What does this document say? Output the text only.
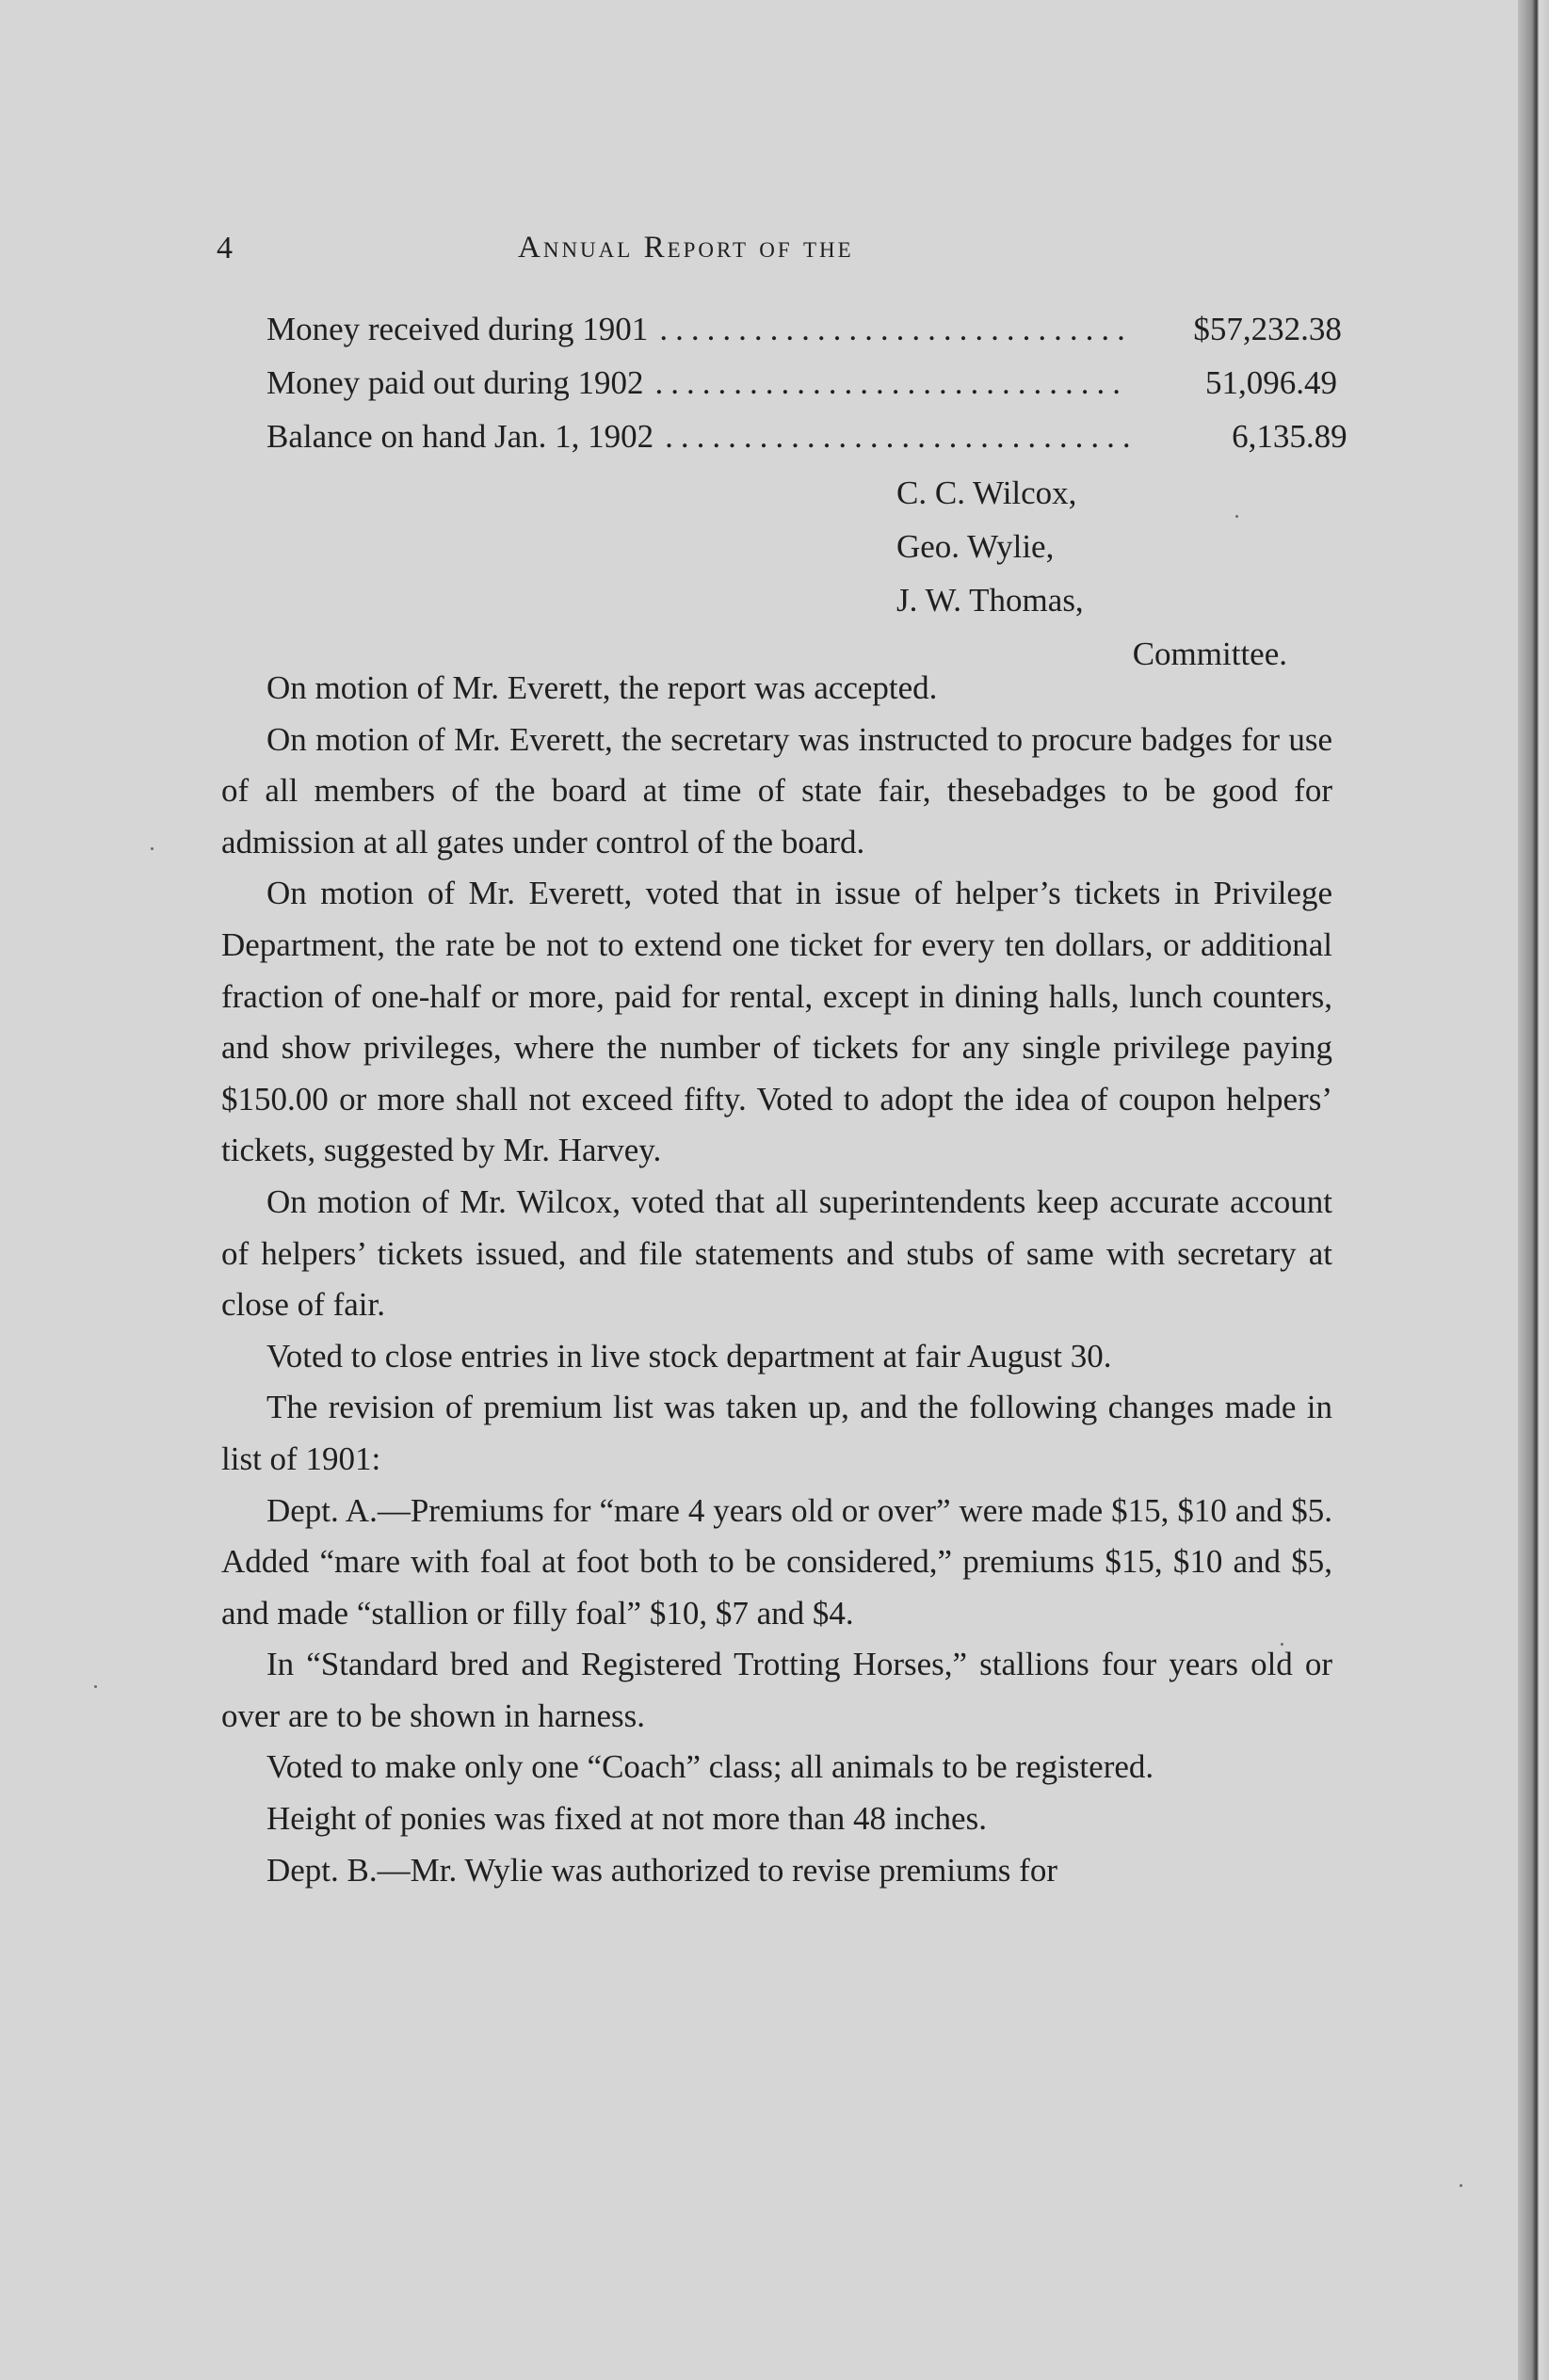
4	Annual Report of the
Money received during 1901 ..............................	$57,232.38
Money paid out during 1902 ..............................	51,096.49
Balance on hand Jan. 1, 1902 ..............................	6,135.89
C. C. Wilcox,
Geo. Wylie,
J. W. Thomas,
Committee.

On motion of Mr. Everett, the report was accepted.

On motion of Mr. Everett, the secretary was instructed to procure badges for use of all members of the board at time of state fair, thesebadges to be good for admission at all gates under control of the board.

On motion of Mr. Everett, voted that in issue of helper’s tickets in Privilege Department, the rate be not to extend one ticket for every ten dollars, or additional fraction of one-half or more, paid for rental, except in dining halls, lunch counters, and show privileges, where the number of tickets for any single privilege paying $150.00 or more shall not exceed fifty. Voted to adopt the idea of coupon helpers’ tickets, suggested by Mr. Harvey.

On motion of Mr. Wilcox, voted that all superintendents keep accurate account of helpers’ tickets issued, and file statements and stubs of same with secretary at close of fair.

Voted to close entries in live stock department at fair August 30.

The revision of premium list was taken up, and the following changes made in list of 1901:

Dept. A.—Premiums for “mare 4 years old or over” were made $15, $10 and $5. Added “mare with foal at foot both to be considered,” premiums $15, $10 and $5, and made “stallion or filly foal” $10, $7 and $4.

In “Standard bred and Registered Trotting Horses,” stallions four years old or over are to be shown in harness.

Voted to make only one “Coach” class; all animals to be registered.

Height of ponies was fixed at not more than 48 inches.

Dept. B.—Mr. Wylie was authorized to revise premiums for
